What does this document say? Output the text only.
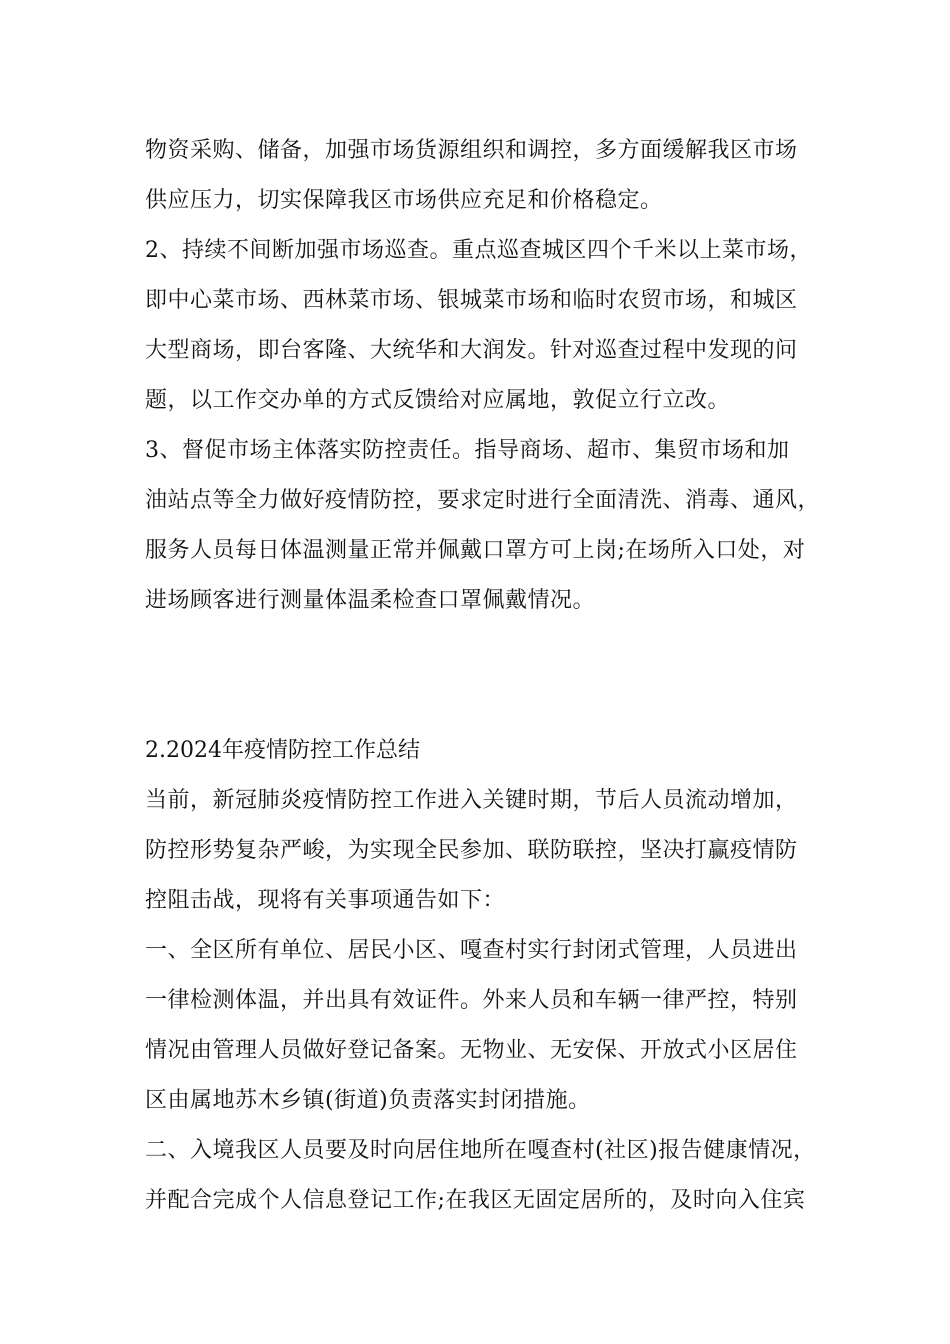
物资采购、储备，加强市场货源组织和调控，多方面缓解我区市场
供应压力，切实保障我区市场供应充足和价格稳定。
2、持续不间断加强市场巡查。重点巡查城区四个千米以上菜市场，
即中心菜市场、西林菜市场、银城菜市场和临时农贸市场，和城区
大型商场，即台客隆、大统华和大润发。针对巡查过程中发现的问
题，以工作交办单的方式反馈给对应属地，敦促立行立改。
3、督促市场主体落实防控责任。指导商场、超市、集贸市场和加
油站点等全力做好疫情防控，要求定时进行全面清洗、消毒、通风，
服务人员每日体温测量正常并佩戴口罩方可上岗;在场所入口处，对
进场顾客进行测量体温柔检查口罩佩戴情况。
2.2024年疫情防控工作总结
当前，新冠肺炎疫情防控工作进入关键时期，节后人员流动增加，
防控形势复杂严峻，为实现全民参加、联防联控，坚决打赢疫情防
控阻击战，现将有关事项通告如下：
一、全区所有单位、居民小区、嘎查村实行封闭式管理，人员进出
一律检测体温，并出具有效证件。外来人员和车辆一律严控，特别
情况由管理人员做好登记备案。无物业、无安保、开放式小区居住
区由属地苏木乡镇(街道)负责落实封闭措施。
二、入境我区人员要及时向居住地所在嘎查村(社区)报告健康情况，
并配合完成个人信息登记工作;在我区无固定居所的，及时向入住宾
